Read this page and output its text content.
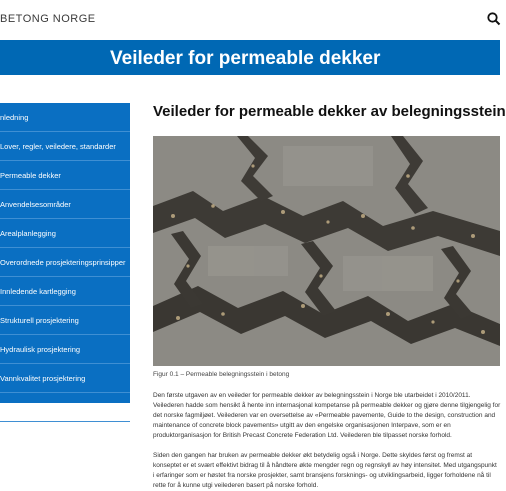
BETONG NORGE
Veileder for permeable dekker
nledning
Lover, regler, veiledere, standarder
Permeable dekker
Anvendelsesområder
Arealplanlegging
Overordnede prosjekteringsprinsipper
Innledende kartlegging
Strukturell prosjektering
Hydraulisk prosjektering
Vannkvalitet prosjektering
Designdetaljer
Veileder for permeable dekker av belegningsstein
Figur 0.1 – Permeable belegningsstein i betong
Den første utgaven av en veileder for permeable dekker av belegningsstein i Norge ble utarbeidet i 2010/2011.
Veilederen hadde som hensikt å hente inn internasjonal kompetanse på permeable dekker og gjøre denne tilgjengelig for
det norske fagmiljøet. Veilederen var en oversettelse av «Permeable pavemente, Guide to the design, construction and
maintenance of concrete block pavements» utgitt av den engelske organisasjonen Interpave, som er en
produktorganisasjon for British Precast Concrete Federation Ltd. Veilederen ble tilpasset norske forhold.
Siden den gangen har bruken av permeable dekker økt betydelig også i Norge. Dette skyldes først og fremst at
konseptet er et svært effektivt bidrag til å håndtere økte mengder regn og regnskyll av høy intensitet. Med utgangspunkt
i erfaringer som er høstet fra norske prosjekter, samt bransjens forsknings- og utviklingsarbeid, ligger forholdene nå til
rette for å kunne utgi veilederen basert på norske forhold.
